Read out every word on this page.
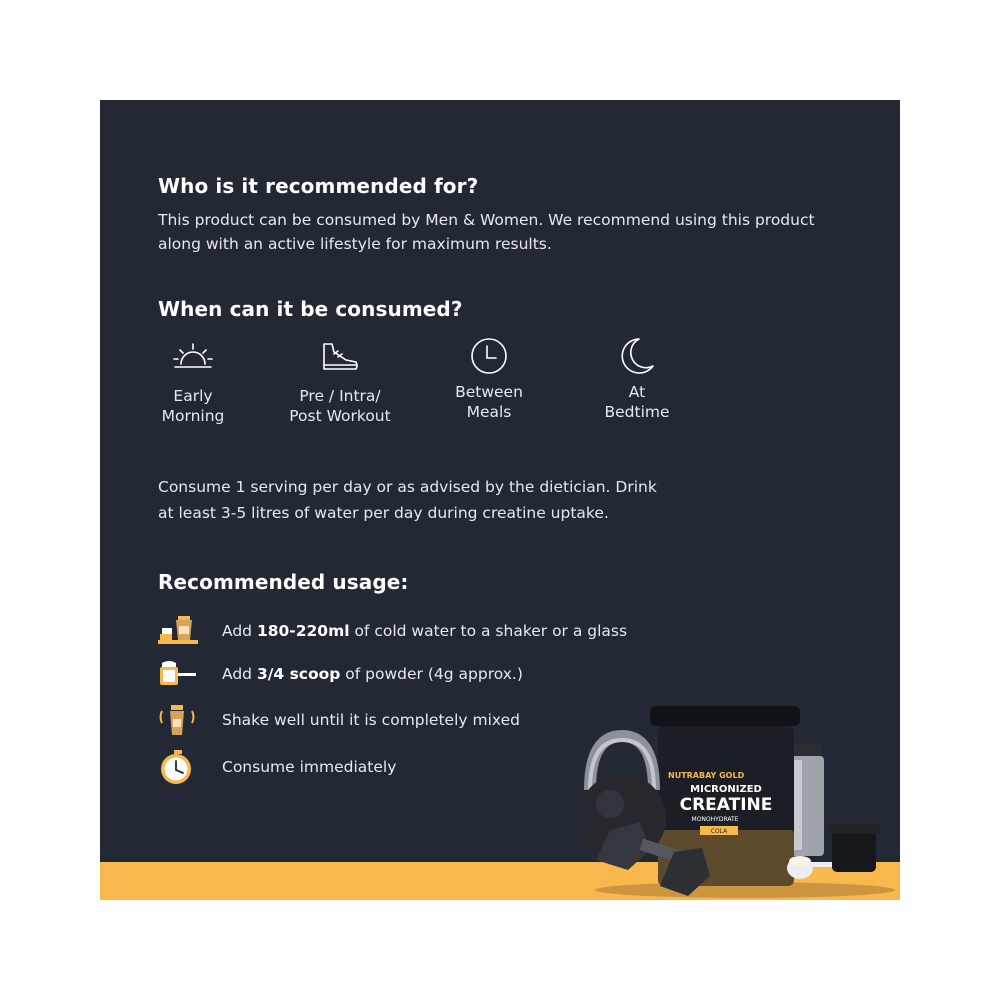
Who is it recommended for?

This product can be consumed by Men & Women. We recommend using this product
along with an active lifestyle for maximum results.

When can it be consumed?
Early
Morning
Pre / Intra/
Post Workout
Between
Meals
At
Bedtime

Consume 1 serving per day or as advised by the dietician. Drink
at least 3-5 litres of water per day during creatine uptake.

Recommended usage:
Add 180-220ml of cold water to a shaker or a glass
Add 3/4 scoop of powder (4g approx.)
Shake well until it is completely mixed
Consume immediately	NUTRABAY GOLD
MICRONIZED
CREATINE
MONOHYDRATE
COLA
